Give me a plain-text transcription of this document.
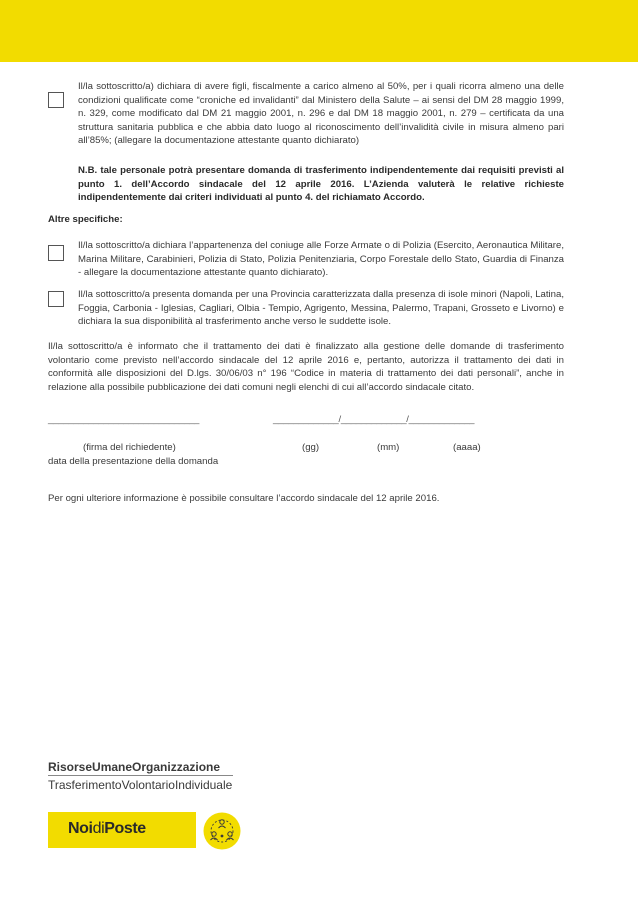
Il/la sottoscritto/a) dichiara di avere figli, fiscalmente a carico almeno al 50%, per i quali ricorra almeno una delle condizioni qualificate come “croniche ed invalidanti” dal Ministero della Salute – ai sensi del DM 28 maggio 1999, n. 329, come modificato dal DM 21 maggio 2001, n. 296 e dal DM 18 maggio 2001, n. 279 – certificata da una struttura sanitaria pubblica e che abbia dato luogo al riconoscimento dell’invalidità civile in misura almeno pari all’85%; (allegare la documentazione attestante quanto dichiarato)
N.B. tale personale potrà presentare domanda di trasferimento indipendentemente dai requisiti previsti al punto 1. dell’Accordo sindacale del 12 aprile 2016. L’Azienda valuterà le relative richieste indipendentemente dai criteri individuati al punto 4. del richiamato Accordo.
Altre specifiche:
Il/la sottoscritto/a dichiara l’appartenenza del coniuge alle Forze Armate o di Polizia (Esercito, Aeronautica Militare, Marina Militare, Carabinieri, Polizia di Stato, Polizia Penitenziaria, Corpo Forestale dello Stato, Guardia di Finanza - allegare la documentazione attestante quanto dichiarato).
Il/la sottoscritto/a presenta domanda per una Provincia caratterizzata dalla presenza di isole minori (Napoli, Latina, Foggia, Carbonia - Iglesias, Cagliari, Olbia - Tempio, Agrigento, Messina, Palermo, Trapani, Grosseto e Livorno) e dichiara la sua disponibilità al trasferimento anche verso le suddette isole.
Il/la sottoscritto/a è informato che il trattamento dei dati è finalizzato alla gestione delle domande di trasferimento volontario come previsto nell’accordo sindacale del 12 aprile 2016 e, pertanto, autorizza il trattamento dei dati in conformità alle disposizioni del D.lgs. 30/06/03 n° 196 “Codice in materia di trattamento dei dati personali”, anche in relazione alla possibile pubblicazione dei dati comuni negli elenchi di cui all’accordo sindacale citato.
______________________________	_____________/_____________/_____________
(firma del richiedente)	(gg)	(mm)	(aaaa)
data della presentazione della domanda
Per ogni ulteriore informazione è possibile consultare l’accordo sindacale del 12 aprile 2016.
RisorseUmaneOrganizzazione
TrasferimentoVolontarioIndividuale
NoidiPoste
